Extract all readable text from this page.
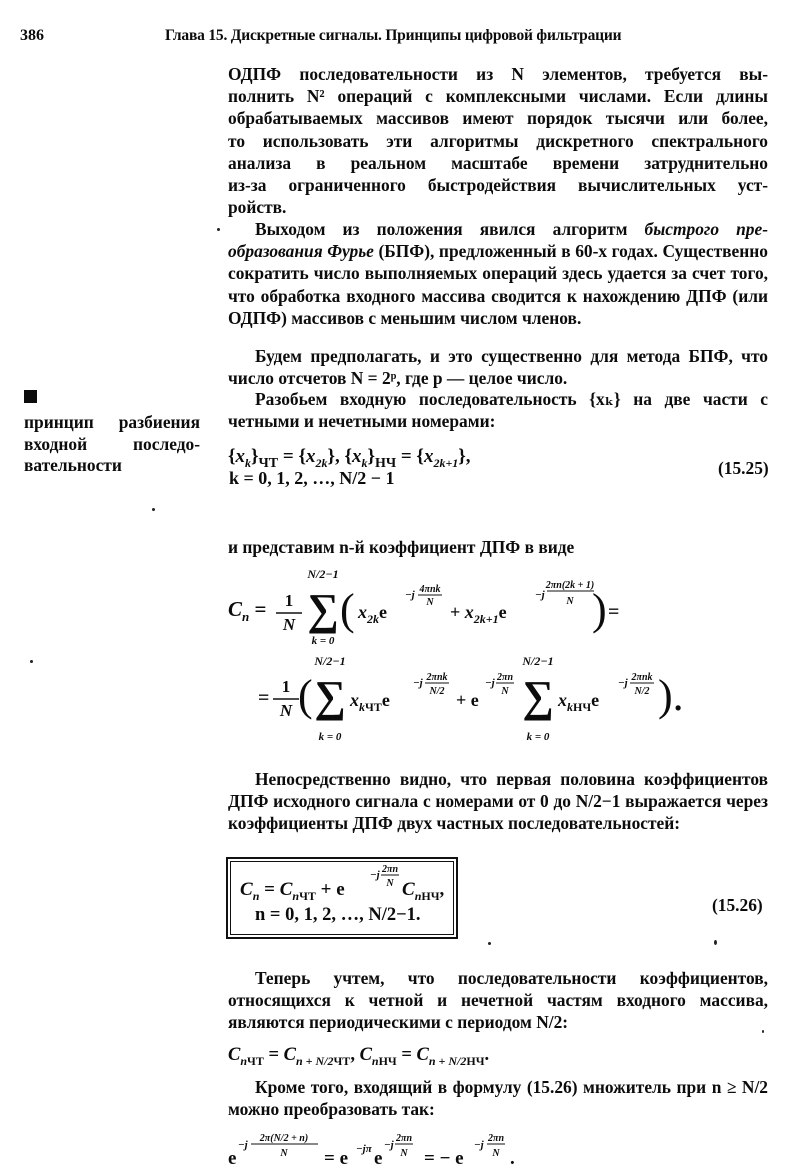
386	Глава 15. Дискретные сигналы. Принципы цифровой фильтрации
ОДПФ последовательности из N элементов, требуется вы-
полнить N² операций с комплексными числами. Если длины
обрабатываемых массивов имеют порядок тысячи или более,
то использовать эти алгоритмы дискретного спектрального
анализа в реальном масштабе времени затруднительно
из-за ограниченного быстродействия вычислительных уст-
ройств.
Выходом из положения явился алгоритм быстрого пре-образования Фурье (БПФ), предложенный в 60-х годах. Существенно сократить число выполняемых операций здесь удается за счет того, что обработка входного массива сводится к нахождению ДПФ (или ОДПФ) массивов с меньшим числом членов.
Будем предполагать, и это существенно для метода БПФ, что число отсчетов N = 2ᵖ, где p — целое число.
принцип разбиения
входной последо-
вательности
Разобьем входную последовательность {xₖ} на две части с четными и нечетными номерами:
$\{x_k\}_{ЧТ} = \{x_{2k}\}$, $\{x_k\}_{НЧ} = \{x_{2k+1}\}$,
k = 0, 1, 2, …, N/2 − 1	(15.25)
и представим n-й коэффициент ДПФ в виде
$C_n = 1$
N
N/2−1
∑
k = 0
( $x_{2k}e$
−j 4πnk
$N + x_{2k+1}e$
−j
2πn(2k + 1)
N ) =
=
1
N (
N/2−1
∑
k = 0
$x_kЧТe$
−j 2πnk
N/2 + e
−j 2πn
N
N/2−1
∑
k = 0
$x_kНЧe$
−j 2πnk
N/2 ).
Непосредственно видно, что первая половина коэффициентов ДПФ исходного сигнала с номерами от 0 до N/2−1 выражается через коэффициенты ДПФ двух частных последовательностей:
$C_n = C_nЧТ + e$
−j 2πn
N $C_nНЧ$,
n = 0, 1, 2, …, N/2−1.	(15.26)
Теперь учтем, что последовательности коэффициентов, относящихся к четной и нечетной частям входного массива, являются периодическими с периодом N/2:
$C_nЧТ = C_{n + N/2}ЧТ$, $C_nНЧ = C_{n + N/2}НЧ$.
Кроме того, входящий в формулу (15.26) множитель при n ≥ N/2 можно преобразовать так:
e
−j
2π(N/2 + n)
N = e −jπ e
−j
2πn
N = − e
−j
2πn
N .
